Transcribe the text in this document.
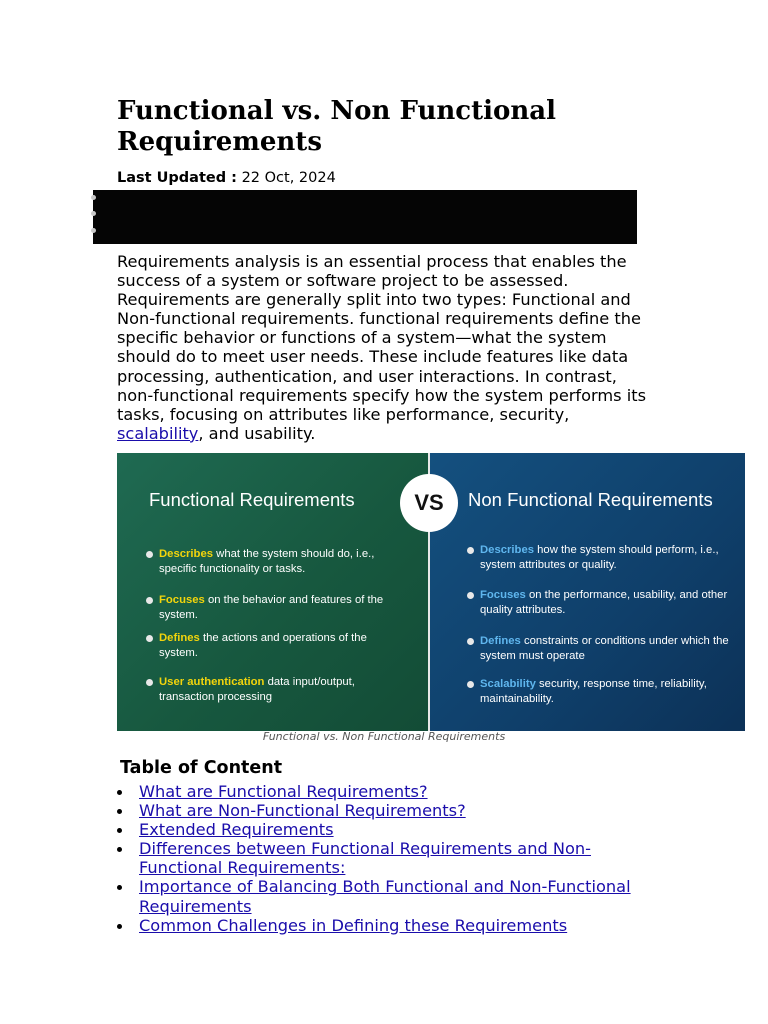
Functional vs. Non Functional Requirements
Last Updated : 22 Oct, 2024

Requirements analysis is an essential process that enables the success of a system or software project to be assessed. Requirements are generally split into two types: Functional and Non-functional requirements. functional requirements define the specific behavior or functions of a system—what the system should do to meet user needs. These include features like data processing, authentication, and user interactions. In contrast, non-functional requirements specify how the system performs its tasks, focusing on attributes like performance, security, scalability, and usability.

Functional Requirements
Describes what the system should do, i.e., specific functionality or tasks.
Focuses on the behavior and features of the system.
Defines the actions and operations of the system.
User authentication data input/output, transaction processing
Non Functional Requirements
Describes how the system should perform, i.e., system attributes or quality.
Focuses on the performance, usability, and other quality attributes.
Defines constraints or conditions under which the system must operate
Scalability security, response time, reliability, maintainability.
VS
Functional vs. Non Functional Requirements
Table of Content
What are Functional Requirements?
What are Non-Functional Requirements?
Extended Requirements
Differences between Functional Requirements and Non-Functional Requirements:
Importance of Balancing Both Functional and Non-Functional Requirements
Common Challenges in Defining these Requirements
